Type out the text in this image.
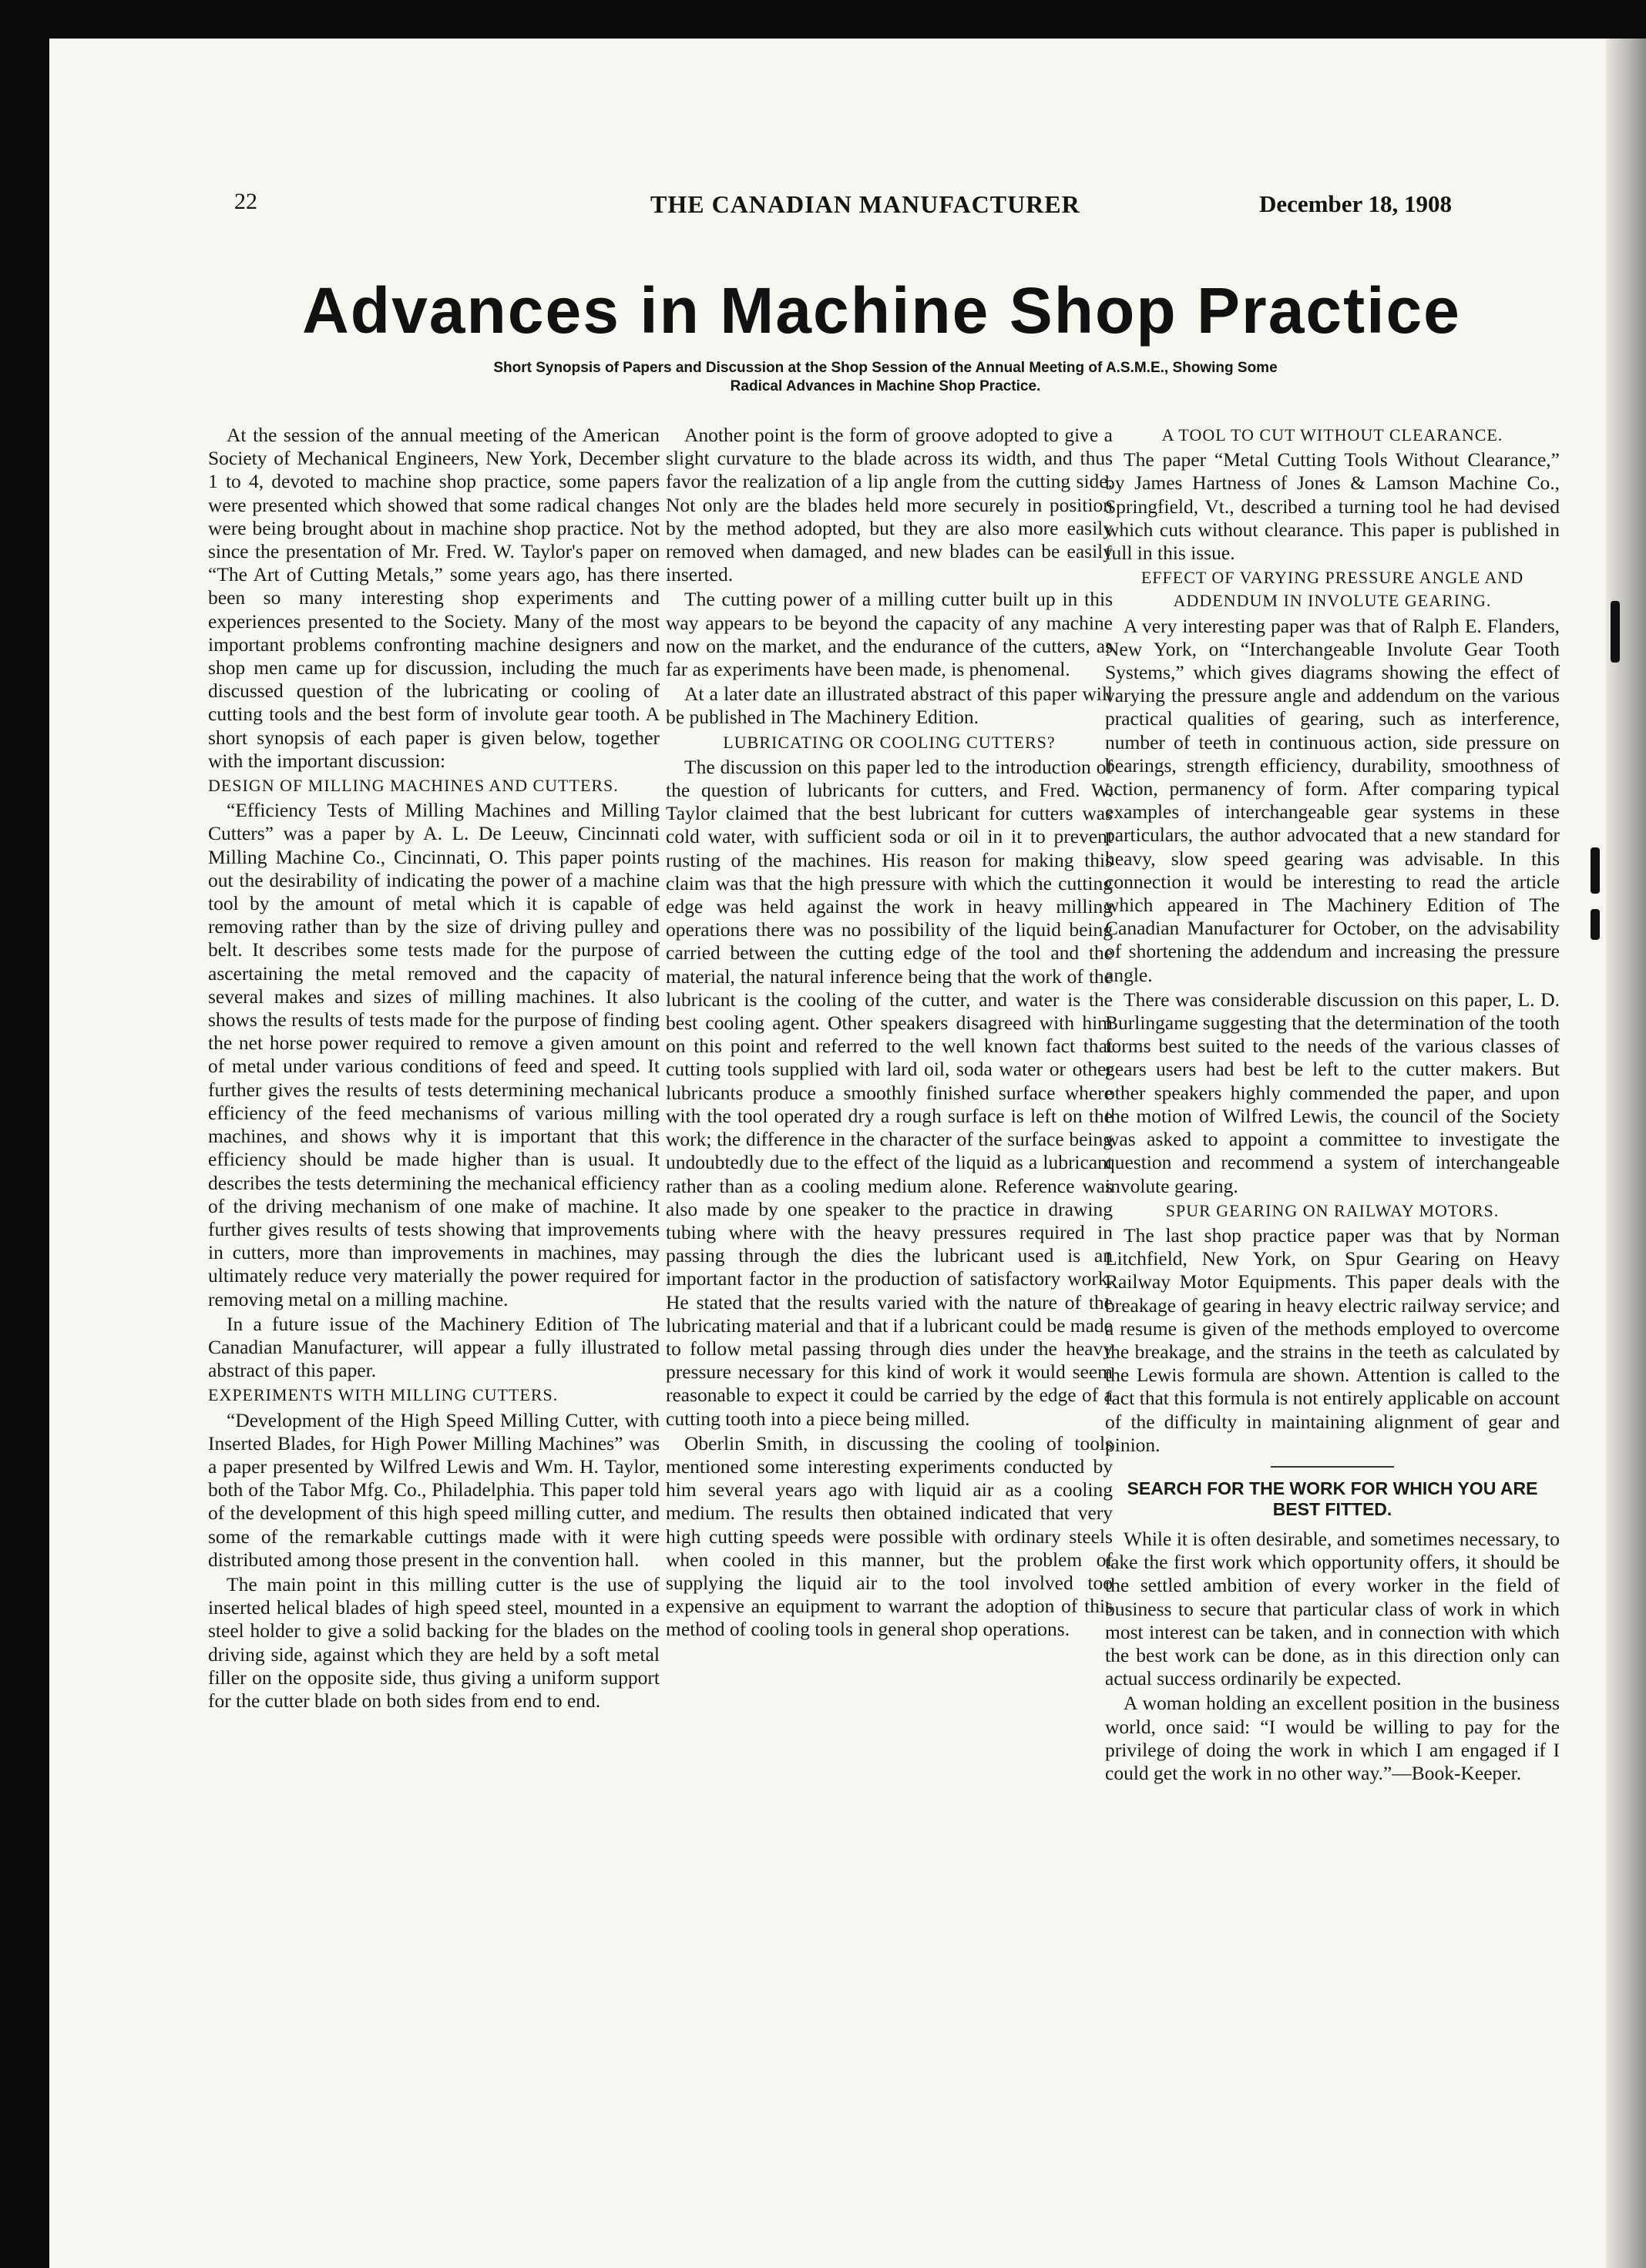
22	THE CANADIAN MANUFACTURER	December 18, 1908
Advances in Machine Shop Practice
Short Synopsis of Papers and Discussion at the Shop Session of the Annual Meeting of A.S.M.E., Showing Some Radical Advances in Machine Shop Practice.

At the session of the annual meeting of the American Society of Mechanical Engineers, New York, December 1 to 4, devoted to machine shop practice, some papers were presented which showed that some radical changes were being brought about in machine shop practice. Not since the presentation of Mr. Fred. W. Taylor's paper on “The Art of Cutting Metals,” some years ago, has there been so many interesting shop experiments and experiences presented to the Society. Many of the most important problems confronting machine designers and shop men came up for discussion, including the much discussed question of the lubricating or cooling of cutting tools and the best form of involute gear tooth. A short synopsis of each paper is given below, together with the important discussion:

DESIGN OF MILLING MACHINES AND CUTTERS.

“Efficiency Tests of Milling Machines and Milling Cutters” was a paper by A. L. De Leeuw, Cincinnati Milling Machine Co., Cincinnati, O. This paper points out the desirability of indicating the power of a machine tool by the amount of metal which it is capable of removing rather than by the size of driving pulley and belt. It describes some tests made for the purpose of ascertaining the metal removed and the capacity of several makes and sizes of milling machines. It also shows the results of tests made for the purpose of finding the net horse power required to remove a given amount of metal under various conditions of feed and speed. It further gives the results of tests determining mechanical efficiency of the feed mechanisms of various milling machines, and shows why it is important that this efficiency should be made higher than is usual. It describes the tests determining the mechanical efficiency of the driving mechanism of one make of machine. It further gives results of tests showing that improvements in cutters, more than improvements in machines, may ultimately reduce very materially the power required for removing metal on a milling machine.

In a future issue of the Machinery Edition of The Canadian Manufacturer, will appear a fully illustrated abstract of this paper.

EXPERIMENTS WITH MILLING CUTTERS.

“Development of the High Speed Milling Cutter, with Inserted Blades, for High Power Milling Machines” was a paper presented by Wilfred Lewis and Wm. H. Taylor, both of the Tabor Mfg. Co., Philadelphia. This paper told of the development of this high speed milling cutter, and some of the remarkable cuttings made with it were distributed among those present in the convention hall.

The main point in this milling cutter is the use of inserted helical blades of high speed steel, mounted in a steel holder to give a solid backing for the blades on the driving side, against which they are held by a soft metal filler on the opposite side, thus giving a uniform support for the cutter blade on both sides from end to end.

Another point is the form of groove adopted to give a slight curvature to the blade across its width, and thus favor the realization of a lip angle from the cutting side. Not only are the blades held more securely in position by the method adopted, but they are also more easily removed when damaged, and new blades can be easily inserted.

The cutting power of a milling cutter built up in this way appears to be beyond the capacity of any machine now on the market, and the endurance of the cutters, as far as experiments have been made, is phenomenal.

At a later date an illustrated abstract of this paper will be published in The Machinery Edition.

LUBRICATING OR COOLING CUTTERS?

The discussion on this paper led to the introduction of the question of lubricants for cutters, and Fred. W. Taylor claimed that the best lubricant for cutters was cold water, with sufficient soda or oil in it to prevent rusting of the machines. His reason for making this claim was that the high pressure with which the cutting edge was held against the work in heavy milling operations there was no possibility of the liquid being carried between the cutting edge of the tool and the material, the natural inference being that the work of the lubricant is the cooling of the cutter, and water is the best cooling agent. Other speakers disagreed with him on this point and referred to the well known fact that cutting tools supplied with lard oil, soda water or other lubricants produce a smoothly finished surface where with the tool operated dry a rough surface is left on the work; the difference in the character of the surface being undoubtedly due to the effect of the liquid as a lubricant rather than as a cooling medium alone. Reference was also made by one speaker to the practice in drawing tubing where with the heavy pressures required in passing through the dies the lubricant used is an important factor in the production of satisfactory work. He stated that the results varied with the nature of the lubricating material and that if a lubricant could be made to follow metal passing through dies under the heavy pressure necessary for this kind of work it would seem reasonable to expect it could be carried by the edge of a cutting tooth into a piece being milled.

Oberlin Smith, in discussing the cooling of tools mentioned some interesting experiments conducted by him several years ago with liquid air as a cooling medium. The results then obtained indicated that very high cutting speeds were possible with ordinary steels when cooled in this manner, but the problem of supplying the liquid air to the tool involved too expensive an equipment to warrant the adoption of this method of cooling tools in general shop operations.

A TOOL TO CUT WITHOUT CLEARANCE.

The paper “Metal Cutting Tools Without Clearance,” by James Hartness of Jones & Lamson Machine Co., Springfield, Vt., described a turning tool he had devised which cuts without clearance. This paper is published in full in this issue.

EFFECT OF VARYING PRESSURE ANGLE AND ADDENDUM IN INVOLUTE GEARING.

A very interesting paper was that of Ralph E. Flanders, New York, on “Interchangeable Involute Gear Tooth Systems,” which gives diagrams showing the effect of varying the pressure angle and addendum on the various practical qualities of gearing, such as interference, number of teeth in continuous action, side pressure on bearings, strength efficiency, durability, smoothness of action, permanency of form. After comparing typical examples of interchangeable gear systems in these particulars, the author advocated that a new standard for heavy, slow speed gearing was advisable. In this connection it would be interesting to read the article which appeared in The Machinery Edition of The Canadian Manufacturer for October, on the advisability of shortening the addendum and increasing the pressure angle.

There was considerable discussion on this paper, L. D. Burlingame suggesting that the determination of the tooth forms best suited to the needs of the various classes of gears users had best be left to the cutter makers. But other speakers highly commended the paper, and upon the motion of Wilfred Lewis, the council of the Society was asked to appoint a committee to investigate the question and recommend a system of interchangeable involute gearing.

SPUR GEARING ON RAILWAY MOTORS.

The last shop practice paper was that by Norman Litchfield, New York, on Spur Gearing on Heavy Railway Motor Equipments. This paper deals with the breakage of gearing in heavy electric railway service; and a resume is given of the methods employed to overcome the breakage, and the strains in the teeth as calculated by the Lewis formula are shown. Attention is called to the fact that this formula is not entirely applicable on account of the difficulty in maintaining alignment of gear and pinion.

SEARCH FOR THE WORK FOR WHICH YOU ARE BEST FITTED.

While it is often desirable, and sometimes necessary, to take the first work which opportunity offers, it should be the settled ambition of every worker in the field of business to secure that particular class of work in which most interest can be taken, and in connection with which the best work can be done, as in this direction only can actual success ordinarily be expected.

A woman holding an excellent position in the business world, once said: “I would be willing to pay for the privilege of doing the work in which I am engaged if I could get the work in no other way.”—Book-Keeper.
